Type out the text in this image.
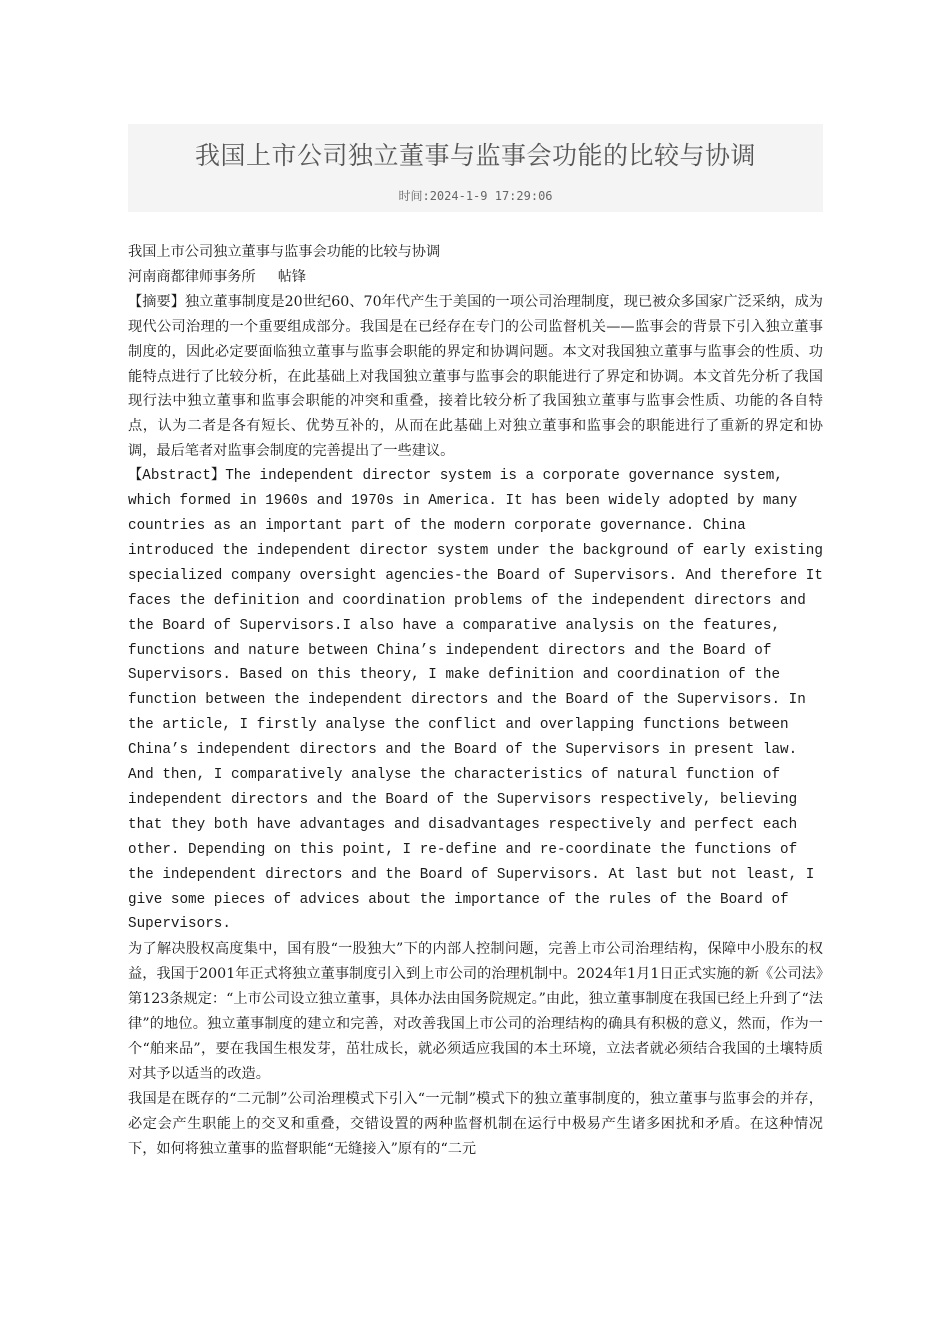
我国上市公司独立董事与监事会功能的比较与协调
时间:2024-1-9 17:29:06

我国上市公司独立董事与监事会功能的比较与协调

河南商都律师事务所 帖锋

【摘要】独立董事制度是20世纪60、70年代产生于美国的一项公司治理制度，现已被众多国家广泛采纳，成为现代公司治理的一个重要组成部分。我国是在已经存在专门的公司监督机关——监事会的背景下引入独立董事制度的，因此必定要面临独立董事与监事会职能的界定和协调问题。本文对我国独立董事与监事会的性质、功能特点进行了比较分析，在此基础上对我国独立董事与监事会的职能进行了界定和协调。本文首先分析了我国现行法中独立董事和监事会职能的冲突和重叠，接着比较分析了我国独立董事与监事会性质、功能的各自特点，认为二者是各有短长、优势互补的，从而在此基础上对独立董事和监事会的职能进行了重新的界定和协调，最后笔者对监事会制度的完善提出了一些建议。

【Abstract】The independent director system is a corporate governance system, which formed in 1960s and 1970s in America. It has been widely adopted by many countries as an important part of the modern corporate governance. China introduced the independent director system under the background of early existing specialized company oversight agencies-the Board of Supervisors. And therefore It faces the definition and coordination problems of the independent directors and the Board of Supervisors.I also have a comparative analysis on the features, functions and nature between China’s independent directors and the Board of Supervisors. Based on this theory, I make definition and coordination of the function between the independent directors and the Board of the Supervisors. In the article, I firstly analyse the conflict and overlapping functions between China’s independent directors and the Board of the Supervisors in present law. And then, I comparatively analyse the characteristics of natural function of independent directors and the Board of the Supervisors respectively, believing that they both have advantages and disadvantages respectively and perfect each other. Depending on this point, I re-define and re-coordinate the functions of the independent directors and the Board of Supervisors. At last but not least, I give some pieces of advices about the importance of the rules of the Board of Supervisors.

为了解决股权高度集中，国有股“一股独大”下的内部人控制问题，完善上市公司治理结构，保障中小股东的权益，我国于2001年正式将独立董事制度引入到上市公司的治理机制中。2024年1月1日正式实施的新《公司法》第123条规定：“上市公司设立独立董事，具体办法由国务院规定。”由此，独立董事制度在我国已经上升到了“法律”的地位。独立董事制度的建立和完善，对改善我国上市公司的治理结构的确具有积极的意义，然而，作为一个“舶来品”，要在我国生根发芽，茁壮成长，就必须适应我国的本土环境，立法者就必须结合我国的土壤特质对其予以适当的改造。

我国是在既存的“二元制”公司治理模式下引入“一元制”模式下的独立董事制度的，独立董事与监事会的并存，必定会产生职能上的交叉和重叠，交错设置的两种监督机制在运行中极易产生诸多困扰和矛盾。在这种情况下，如何将独立董事的监督职能“无缝接入”原有的“二元
